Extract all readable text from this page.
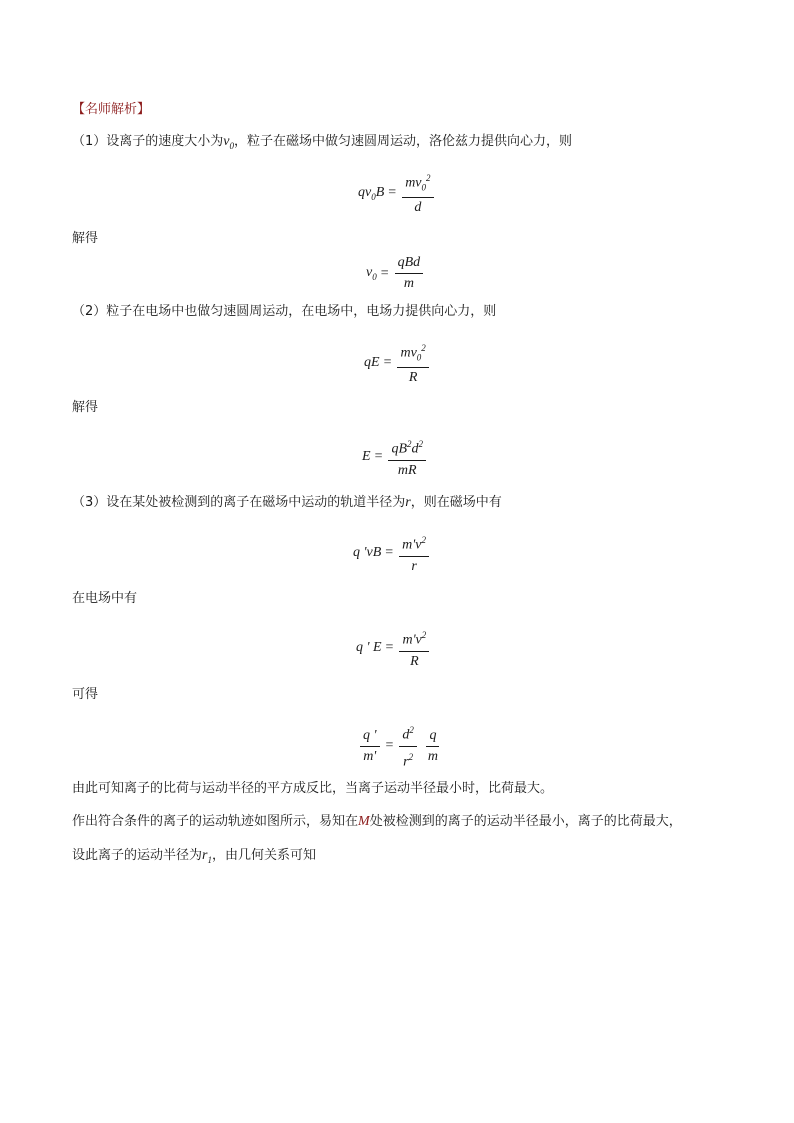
【名师解析】
（1）设离子的速度大小为$v_0$，粒子在磁场中做匀速圆周运动，洛伦兹力提供向心力，则
$qv_0B = \frac{mv_0^2}{d}$
解得
$v_0 = \frac{\text{qBd}}{m}$
（2）粒子在电场中也做匀速圆周运动，在电场中，电场力提供向心力，则
qE = $\frac{mv_0^2}{R}$
解得
$E = \frac{qB^2d^2}{mR}$
（3）设在某处被检测到的离子在磁场中运动的轨道半径为r，则在磁场中有
q 'vB = $\frac{m'v^2}{r}$
在电场中有
q ' $E = \frac{m'v^2}{R}$
可得
$\frac{q '}{m'} = \frac{d^2}{r^2} \frac{q}{m}$
由此可知离子的比荷与运动半径的平方成反比，当离子运动半径最小时，比荷最大。
作出符合条件的离子的运动轨迹如图所示，易知在M处被检测到的离子的运动半径最小，离子的比荷最大，
设此离子的运动半径为$r_1$，由几何关系可知
